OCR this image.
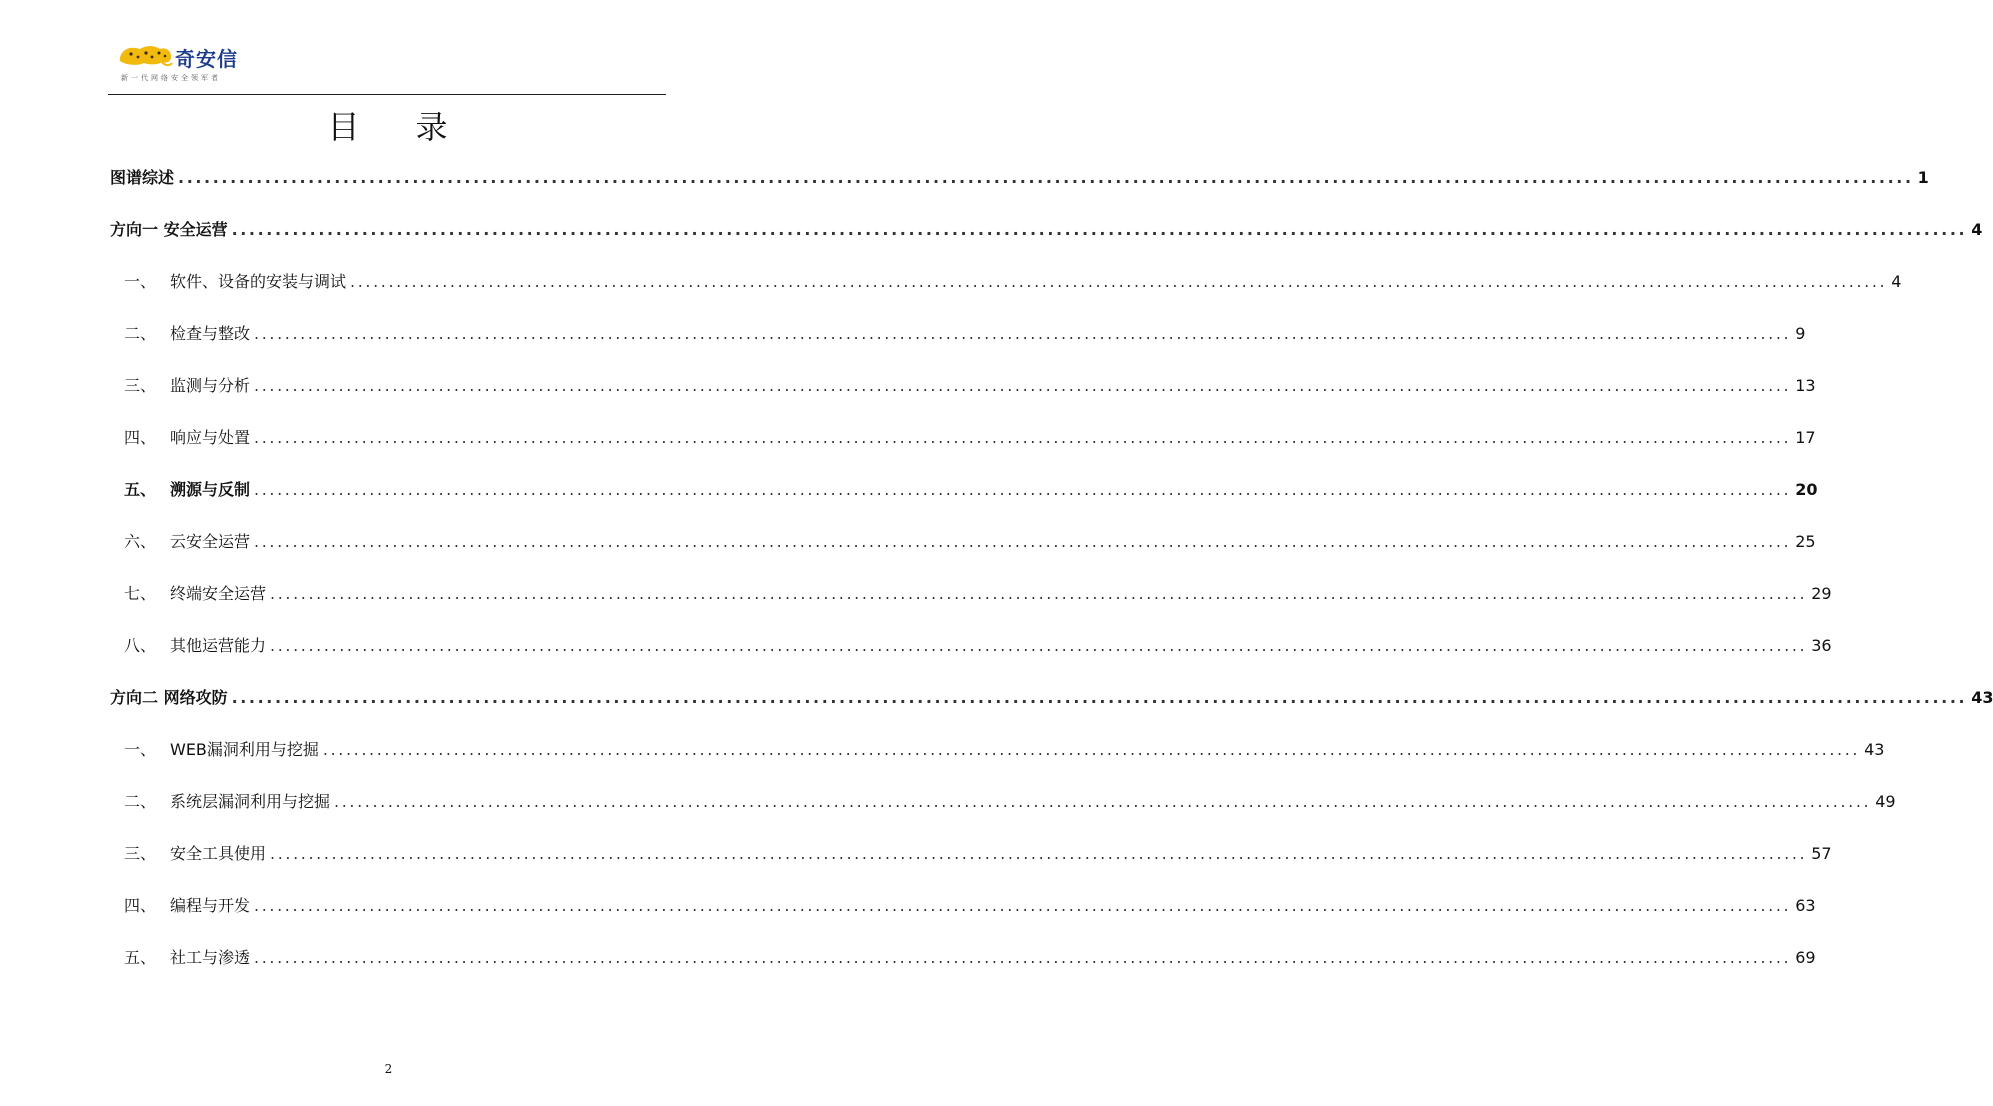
奇安信
新一代网络安全领军者
目 录
图谱综述 ........................................................................................................................................................................................................ 1
方向一 安全运营 ........................................................................................................................................................................................................ 4
一、 软件、设备的安装与调试 ........................................................................................................................................................................................................ 4
二、 检查与整改 ........................................................................................................................................................................................................ 9
三、 监测与分析 ........................................................................................................................................................................................................ 13
四、 响应与处置 ........................................................................................................................................................................................................ 17
五、 溯源与反制 ........................................................................................................................................................................................................ 20
六、 云安全运营 ........................................................................................................................................................................................................ 25
七、 终端安全运营 ........................................................................................................................................................................................................ 29
八、 其他运营能力 ........................................................................................................................................................................................................ 36
方向二 网络攻防 ........................................................................................................................................................................................................ 43
一、 WEB漏洞利用与挖掘 ........................................................................................................................................................................................................ 43
二、 系统层漏洞利用与挖掘 ........................................................................................................................................................................................................ 49
三、 安全工具使用 ........................................................................................................................................................................................................ 57
四、 编程与开发 ........................................................................................................................................................................................................ 63
五、 社工与渗透 ........................................................................................................................................................................................................ 69
2
